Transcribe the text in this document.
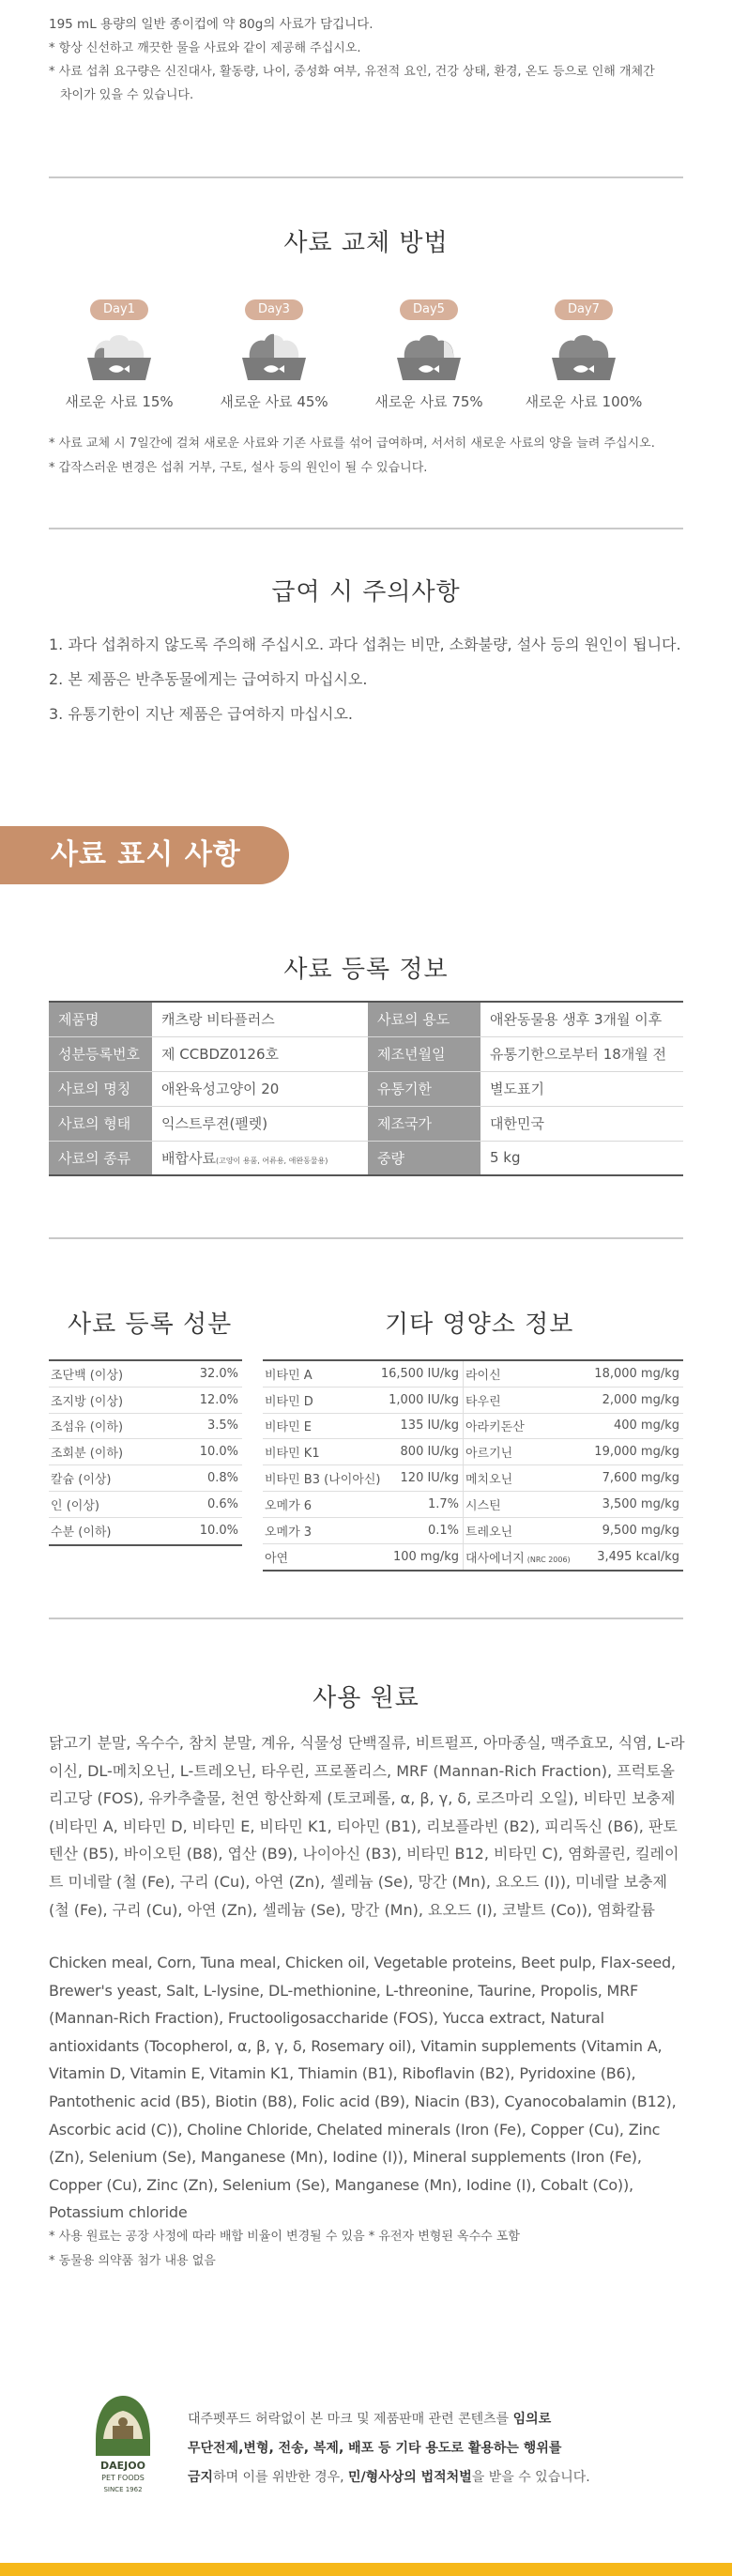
195 mL 용량의 일반 종이컵에 약 80g의 사료가 담깁니다.

* 항상 신선하고 깨끗한 물을 사료와 같이 제공해 주십시오.

* 사료 섭취 요구량은 신진대사, 활동량, 나이, 중성화 여부, 유전적 요인, 건강 상태, 환경, 온도 등으로 인해 개체간

차이가 있을 수 있습니다.

사료 교체 방법
Day1
새로운 사료 15%
Day3
새로운 사료 45%
Day5
새로운 사료 75%
Day7
새로운 사료 100%

* 사료 교체 시 7일간에 걸쳐 새로운 사료와 기존 사료를 섞어 급여하며, 서서히 새로운 사료의 양을 늘려 주십시오.

* 갑작스러운 변경은 섭취 거부, 구토, 설사 등의 원인이 될 수 있습니다.

급여 시 주의사항

1. 과다 섭취하지 않도록 주의해 주십시오. 과다 섭취는 비만, 소화불량, 설사 등의 원인이 됩니다.

2. 본 제품은 반추동물에게는 급여하지 마십시오.

3. 유통기한이 지난 제품은 급여하지 마십시오.

사료 표시 사항
사료 등록 정보
제품명	캐츠랑 비타플러스	사료의 용도	애완동물용 생후 3개월 이후
성분등록번호	제 CCBDZ0126호	제조년월일	유통기한으로부터 18개월 전
사료의 명칭	애완육성고양이 20	유통기한	별도표기
사료의 형태	익스트루젼(펠렛)	제조국가	대한민국
사료의 종류	배합사료(고양이 용품, 어류용, 애완동물용)	중량	5 kg
사료 등록 성분	기타 영양소 정보
조단백 (이상)	32.0%
조지방 (이상)	12.0%
조섬유 (이하)	3.5%
조회분 (이하)	10.0%
칼슘 (이상)	0.8%
인 (이상)	0.6%
수분 (이하)	10.0%
비타민 A	16,500 IU/kg 라이신	18,000 mg/kg
비타민 D	1,000 IU/kg 타우린	2,000 mg/kg
비타민 E	135 IU/kg 아라키돈산	400 mg/kg
비타민 K1	800 IU/kg 아르기닌	19,000 mg/kg
비타민 B3 (나이아신)	120 IU/kg 메치오닌	7,600 mg/kg
오메가 6	1.7% 시스틴	3,500 mg/kg
오메가 3	0.1% 트레오닌	9,500 mg/kg
아연	100 mg/kg 대사에너지 (NRC 2006)	3,495 kcal/kg
사용 원료
닭고기 분말, 옥수수, 참치 분말, 계유, 식물성 단백질류, 비트펄프, 아마종실, 맥주효모, 식염, L-라이신, DL-메치오닌, L-트레오닌, 타우린, 프로폴리스, MRF (Mannan-Rich Fraction), 프럭토올리고당 (FOS), 유카추출물, 천연 항산화제 (토코페롤, α, β, γ, δ, 로즈마리 오일), 비타민 보충제 (비타민 A, 비타민 D, 비타민 E, 비타민 K1, 티아민 (B1), 리보플라빈 (B2), 피리독신 (B6), 판토텐산 (B5), 바이오틴 (B8), 엽산 (B9), 나이아신 (B3), 비타민 B12, 비타민 C), 염화콜린, 킬레이트 미네랄 (철 (Fe), 구리 (Cu), 아연 (Zn), 셀레늄 (Se), 망간 (Mn), 요오드 (I)), 미네랄 보충제 (철 (Fe), 구리 (Cu), 아연 (Zn), 셀레늄 (Se), 망간 (Mn), 요오드 (I), 코발트 (Co)), 염화칼륨
Chicken meal, Corn, Tuna meal, Chicken oil, Vegetable proteins, Beet pulp, Flax-seed, Brewer's yeast, Salt, L-lysine, DL-methionine, L-threonine, Taurine, Propolis, MRF (Mannan-Rich Fraction), Fructooligosaccharide (FOS), Yucca extract, Natural antioxidants (Tocopherol, α, β, γ, δ, Rosemary oil), Vitamin supplements (Vitamin A, Vitamin D, Vitamin E, Vitamin K1, Thiamin (B1), Riboflavin (B2), Pyridoxine (B6), Pantothenic acid (B5), Biotin (B8), Folic acid (B9), Niacin (B3), Cyanocobalamin (B12), Ascorbic acid (C)), Choline Chloride, Chelated minerals (Iron (Fe), Copper (Cu), Zinc (Zn), Selenium (Se), Manganese (Mn), Iodine (I)), Mineral supplements (Iron (Fe), Copper (Cu), Zinc (Zn), Selenium (Se), Manganese (Mn), Iodine (I), Cobalt (Co)), Potassium chloride

* 사용 원료는 공장 사정에 따라 배합 비율이 변경될 수 있음 * 유전자 변형된 옥수수 포함

* 동물용 의약품 첨가 내용 없음

DAEJOO
PET FOODS
SINCE 1962

대주펫푸드 허락없이 본 마크 및 제품판매 관련 콘텐츠를 임의로

무단전제,변형, 전송, 복제, 배포 등 기타 용도로 활용하는 행위를

금지하며 이를 위반한 경우, 민/형사상의 법적처벌을 받을 수 있습니다.
